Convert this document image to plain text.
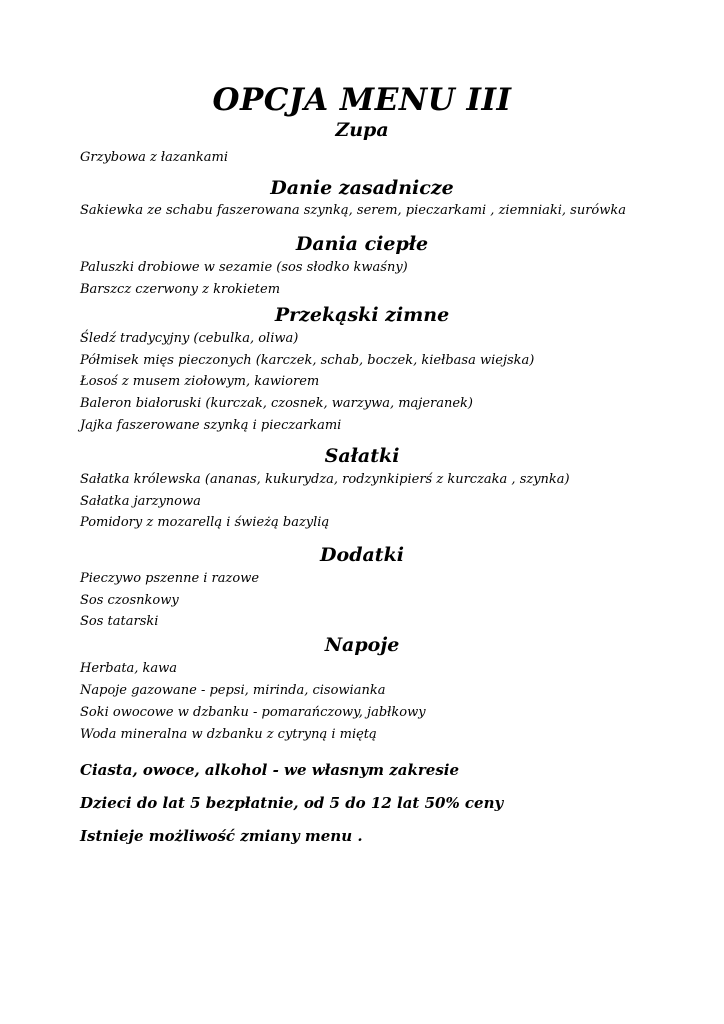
OPCJA MENU III
Zupa
Grzybowa z łazankami
Danie zasadnicze
Sakiewka ze schabu faszerowana szynką, serem, pieczarkami , ziemniaki, surówka
Dania ciepłe
Paluszki drobiowe w sezamie (sos słodko kwaśny)
Barszcz czerwony z krokietem
Przekąski zimne
Śledź tradycyjny (cebulka, oliwa)
Półmisek mięs pieczonych (karczek, schab, boczek, kiełbasa wiejska)
Łosoś z musem ziołowym, kawiorem
Baleron białoruski (kurczak, czosnek, warzywa, majeranek)
Jajka faszerowane szynką i pieczarkami
Sałatki
Sałatka królewska (ananas, kukurydza, rodzynkipierś z kurczaka , szynka)
Sałatka jarzynowa
Pomidory z mozarellą i świeżą bazylią
Dodatki
Pieczywo pszenne i razowe
Sos czosnkowy
Sos tatarski
Napoje
Herbata, kawa
Napoje gazowane - pepsi, mirinda, cisowianka
Soki owocowe w dzbanku - pomarańczowy, jabłkowy
Woda mineralna w dzbanku z cytryną i miętą
Ciasta, owoce, alkohol - we własnym zakresie
Dzieci do lat 5 bezpłatnie, od 5 do 12 lat 50% ceny
Istnieje możliwość zmiany menu .
